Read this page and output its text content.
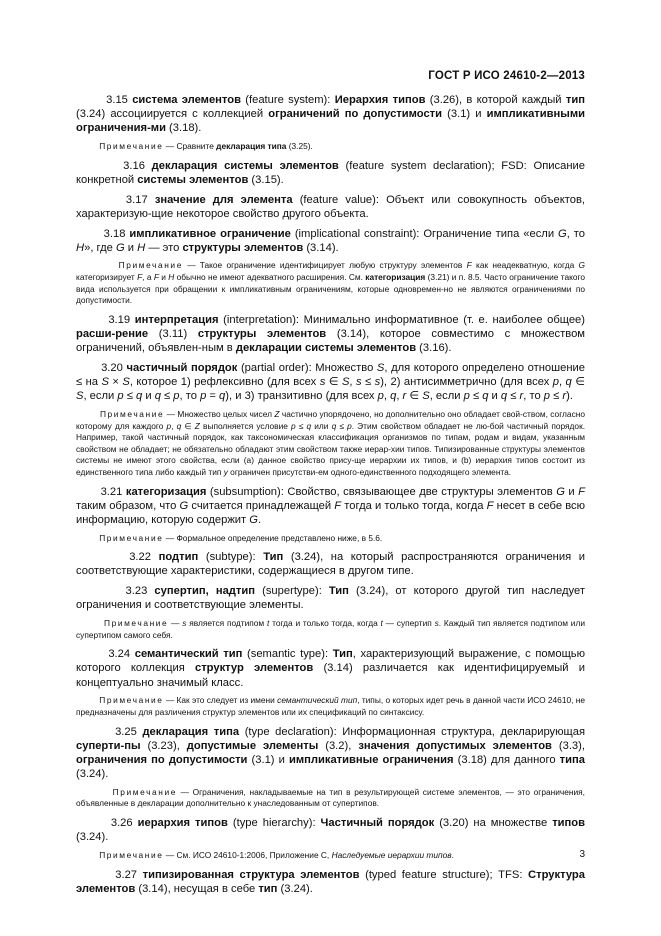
ГОСТ Р ИСО 24610-2—2013

3.15 система элементов (feature system): Иерархия типов (3.26), в которой каждый тип (3.24) ассоциируется с коллекцией ограничений по допустимости (3.1) и импликативными ограничения-ми (3.18).

Примечание — Сравните декларация типа (3.25).

3.16 декларация системы элементов (feature system declaration); FSD: Описание конкретной системы элементов (3.15).

3.17 значение для элемента (feature value): Объект или совокупность объектов, характеризую-щие некоторое свойство другого объекта.

3.18 импликативное ограничение (implicational constraint): Ограничение типа «если G, то H», где G и H — это структуры элементов (3.14).

Примечание — Такое ограничение идентифицирует любую структуру элементов F как неадекватную, когда G категоризирует F, а F и H обычно не имеют адекватного расширения. См. категоризация (3.21) и п. 8.5. Часто ограничение такого вида используется при обращении к импликативным ограничениям, которые одновремен-но не являются ограничениями по допустимости.

3.19 интерпретация (interpretation): Минимально информативное (т. е. наиболее общее) расши-рение (3.11) структуры элементов (3.14), которое совместимо с множеством ограничений, объявлен-ным в декларации системы элементов (3.16).

3.20 частичный порядок (partial order): Множество S, для которого определено отношение ≤ на S × S, которое 1) рефлексивно (для всех s ∈ S, s ≤ s), 2) антисимметрично (для всех p, q ∈ S, если p ≤ q и q ≤ p, то p = q), и 3) транзитивно (для всех p, q, r ∈ S, если p ≤ q и q ≤ r, то p ≤ r).

Примечание — Множество целых чисел Z частично упорядочено, но дополнительно оно обладает свой-ством, согласно которому для каждого p, q ∈ Z выполняется условие p ≤ q или q ≤ p. Этим свойством обладает не лю-бой частичный порядок. Например, такой частичный порядок, как таксономическая классификация организмов по типам, родам и видам, указанным свойством не обладает; не обязательно обладают этим свойством также иерар-хии типов. Типизированные структуры элементов системы не имеют этого свойства, если (a) данное свойство прису-ще иерархии их типов, и (b) иерархия типов состоит из единственного типа либо каждый тип y ограничен присутстви-ем одного-единственного подходящего элемента.

3.21 категоризация (subsumption): Свойство, связывающее две структуры элементов G и F таким образом, что G считается принадлежащей F тогда и только тогда, когда F несет в себе всю информацию, которую содержит G.

Примечание — Формальное определение представлено ниже, в 5.6.

3.22 подтип (subtype): Тип (3.24), на который распространяются ограничения и соответствующие характеристики, содержащиеся в другом типе.

3.23 супертип, надтип (supertype): Тип (3.24), от которого другой тип наследует ограничения и соответствующие элементы.

Примечание — s является подтипом t тогда и только тогда, когда t — супертип s. Каждый тип является подтипом или супертипом самого себя.

3.24 семантический тип (semantic type): Тип, характеризующий выражение, с помощью которого коллекция структур элементов (3.14) различается как идентифицируемый и концептуально значимый класс.

Примечание — Как это следует из имени семантический тип, типы, о которых идет речь в данной части ИСО 24610, не предназначены для различения структур элементов или их спецификаций по синтаксису.

3.25 декларация типа (type declaration): Информационная структура, декларирующая суперти-пы (3.23), допустимые элементы (3.2), значения допустимых элементов (3.3), ограничения по допустимости (3.1) и импликативные ограничения (3.18) для данного типа (3.24).

Примечание — Ограничения, накладываемые на тип в результирующей системе элементов, — это ограничения, объявленные в декларации дополнительно к унаследованным от супертипов.

3.26 иерархия типов (type hierarchy): Частичный порядок (3.20) на множестве типов (3.24).

Примечание — См. ИСО 24610-1:2006, Приложение С, Наследуемые иерархии типов.

3.27 типизированная структура элементов (typed feature structure); TFS: Структура элементов (3.14), несущая в себе тип (3.24).

3
